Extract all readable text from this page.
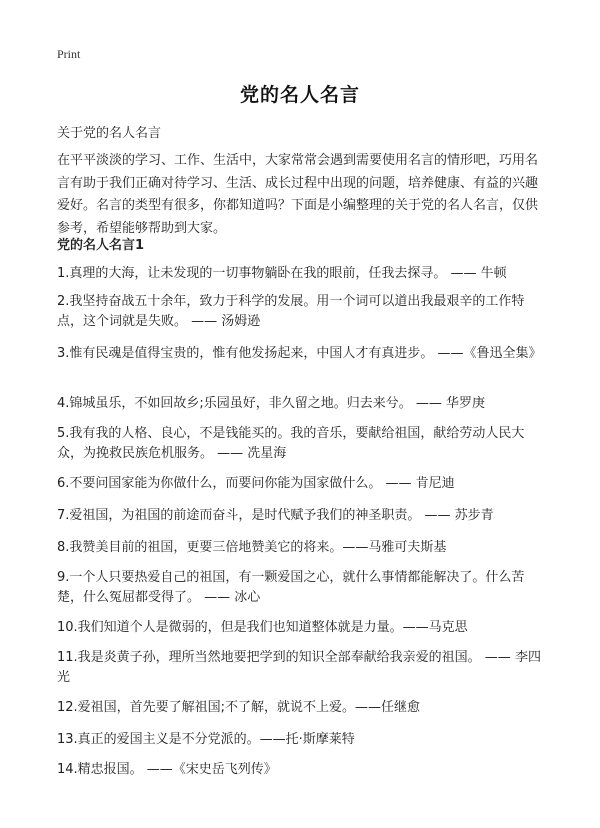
Print
党的名人名言

关于党的名人名言

在平平淡淡的学习、工作、生活中，大家常常会遇到需要使用名言的情形吧，巧用名言有助于我们正确对待学习、生活、成长过程中出现的问题，培养健康、有益的兴趣爱好。名言的类型有很多，你都知道吗？下面是小编整理的关于党的名人名言，仅供参考，希望能够帮助到大家。

党的名人名言1
1.真理的大海，让未发现的一切事物躺卧在我的眼前，任我去探寻。 —— 牛顿
2.我坚持奋战五十余年，致力于科学的发展。用一个词可以道出我最艰辛的工作特点，这个词就是失败。 —— 汤姆逊
3.惟有民魂是值得宝贵的，惟有他发扬起来，中国人才有真进步。 ——《鲁迅全集》
4.锦城虽乐，不如回故乡;乐园虽好，非久留之地。归去来兮。 —— 华罗庚
5.我有我的人格、良心，不是钱能买的。我的音乐，要献给祖国，献给劳动人民大众，为挽救民族危机服务。 —— 冼星海
6.不要问国家能为你做什么，而要问你能为国家做什么。 —— 肯尼迪
7.爱祖国，为祖国的前途而奋斗，是时代赋予我们的神圣职责。 —— 苏步青
8.我赞美目前的祖国，更要三倍地赞美它的将来。——马雅可夫斯基
9.一个人只要热爱自己的祖国，有一颗爱国之心，就什么事情都能解决了。什么苦楚，什么冤屈都受得了。 —— 冰心
10.我们知道个人是微弱的，但是我们也知道整体就是力量。——马克思
11.我是炎黄子孙，理所当然地要把学到的知识全部奉献给我亲爱的祖国。 —— 李四光
12.爱祖国，首先要了解祖国;不了解，就说不上爱。——任继愈
13.真正的爱国主义是不分党派的。——托·斯摩莱特
14.精忠报国。 ——《宋史岳飞列传》
